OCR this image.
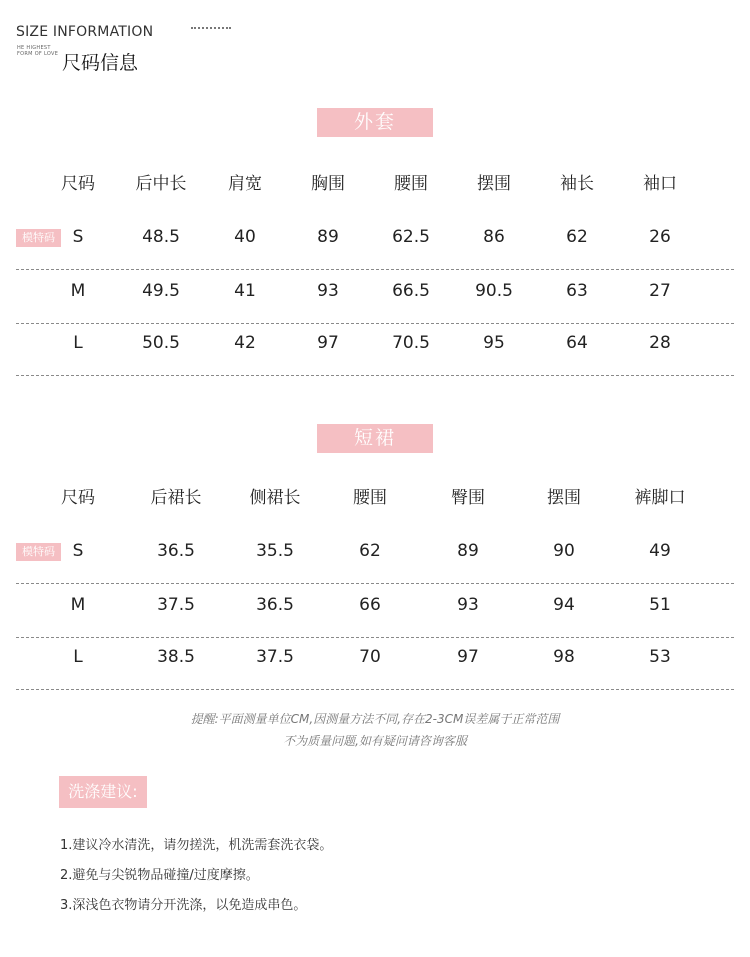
SIZE INFORMATION
HE HIGHEST
FORM OF LOVE 尺码信息
外套
尺码 后中长 肩宽	胸围	腰围	摆围	袖长	袖口
模特码	S	48.5	40	89	62.5	86	62	26
M	49.5	41	93	66.5	90.5	63	27
L	50.5	42	97	70.5	95	64	28
短裙
尺码	后裙长	侧裙长	腰围	臀围	摆围	裤脚口
模特码	S	36.5	35.5	62	89	90	49
M	37.5	36.5	66	93	94	51
L	38.5	37.5	70	97	98	53
提醒:平面测量单位CM,因测量方法不同,存在2-3CM误差属于正常范围
不为质量问题,如有疑问请咨询客服
洗涤建议:
1.建议冷水清洗，请勿搓洗，机洗需套洗衣袋。
2.避免与尖锐物品碰撞/过度摩擦。
3.深浅色衣物请分开洗涤，以免造成串色。
